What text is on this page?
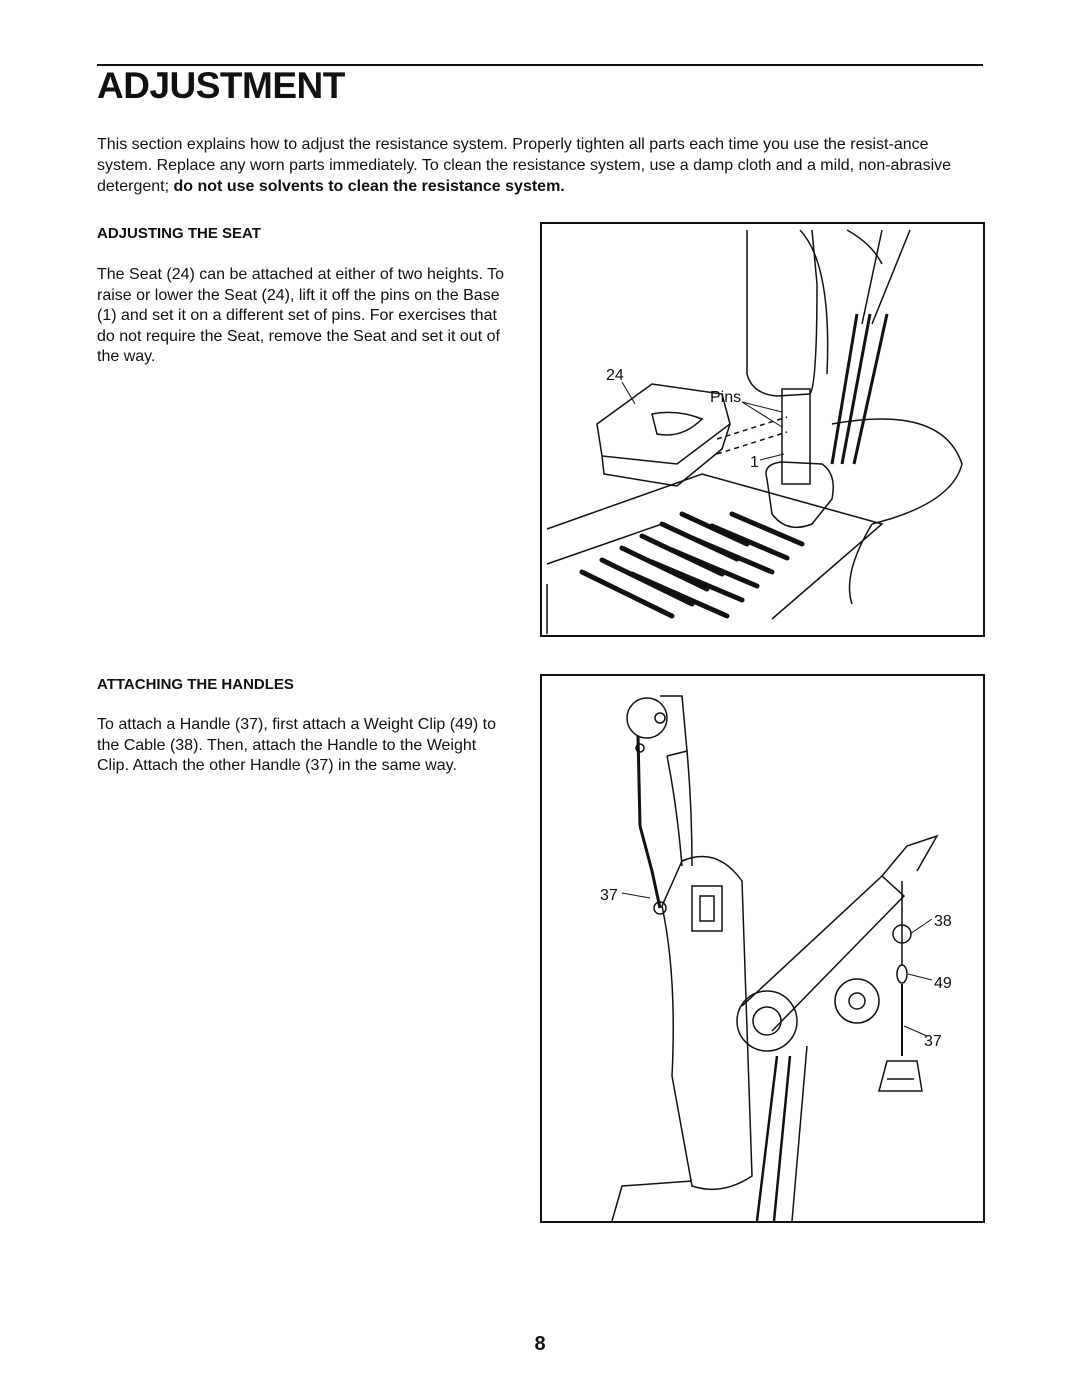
ADJUSTMENT

This section explains how to adjust the resistance system. Properly tighten all parts each time you use the resist-ance system. Replace any worn parts immediately. To clean the resistance system, use a damp cloth and a mild, non-abrasive detergent; do not use solvents to clean the resistance system.

ADJUSTING THE SEAT

The Seat (24) can be attached at either of two heights. To raise or lower the Seat (24), lift it off the pins on the Base (1) and set it on a different set of pins. For exercises that do not require the Seat, remove the Seat and set it out of the way.

24
Pins
1
ATTACHING THE HANDLES

To attach a Handle (37), first attach a Weight Clip (49) to the Cable (38). Then, attach the Handle to the Weight Clip. Attach the other Handle (37) in the same way.

37
38
49
37

8
